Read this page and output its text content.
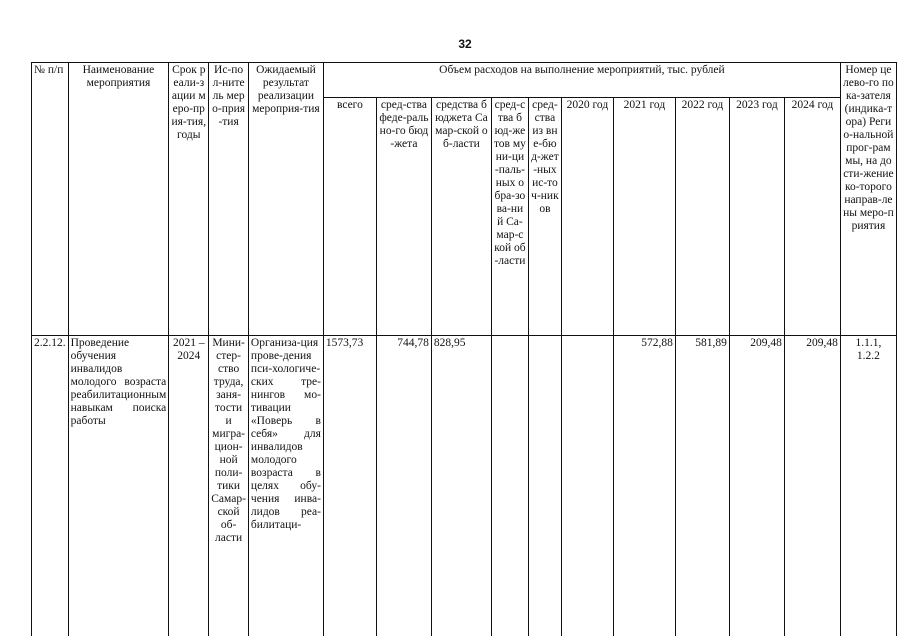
32
№ п/п	Наименование мероприятия	Срок реали-зации меро-прия-тия, годы	Ис-пол-нитель меро-прия-тия	Ожидаемый результат реализации мероприя-тия	Объем расходов на выполнение мероприятий, тыс. рублей										Номер целево-го пока-зателя (индика-тора) Регио-нальной прог-раммы, на дости-жение ко-торого направ-лены меро-приятия
					всего	сред-ства феде-рально-го бюд-жета	средства бюджета Самар-ской об-ласти	сред-ства бюд-жетов муни-ци-паль-ных обра-зова-ний Са-мар-ской об-ласти	сред-ства из вне-бюд-жет-ных ис-точ-ников	2020 год	2021 год	2022 год	2023 год	2024 год	
2.2.12.	Проведение обучения инвалидов молодого возраста реабилитационным навыкам поиска работы	2021 – 2024	Мини-стер-ство труда, заня-тости и мигра-цион-ной поли-тики Самар-ской об-ласти	Организа-ция прове-дения пси-хологиче-ских тре-нингов мо-тивации «Поверь в себя» для инвалидов молодого возраста в целях обу-чения инва-лидов реа-билитаци-	1573,73	744,78	828,95				572,88	581,89	209,48	209,48	1.1.1, 1.2.2
